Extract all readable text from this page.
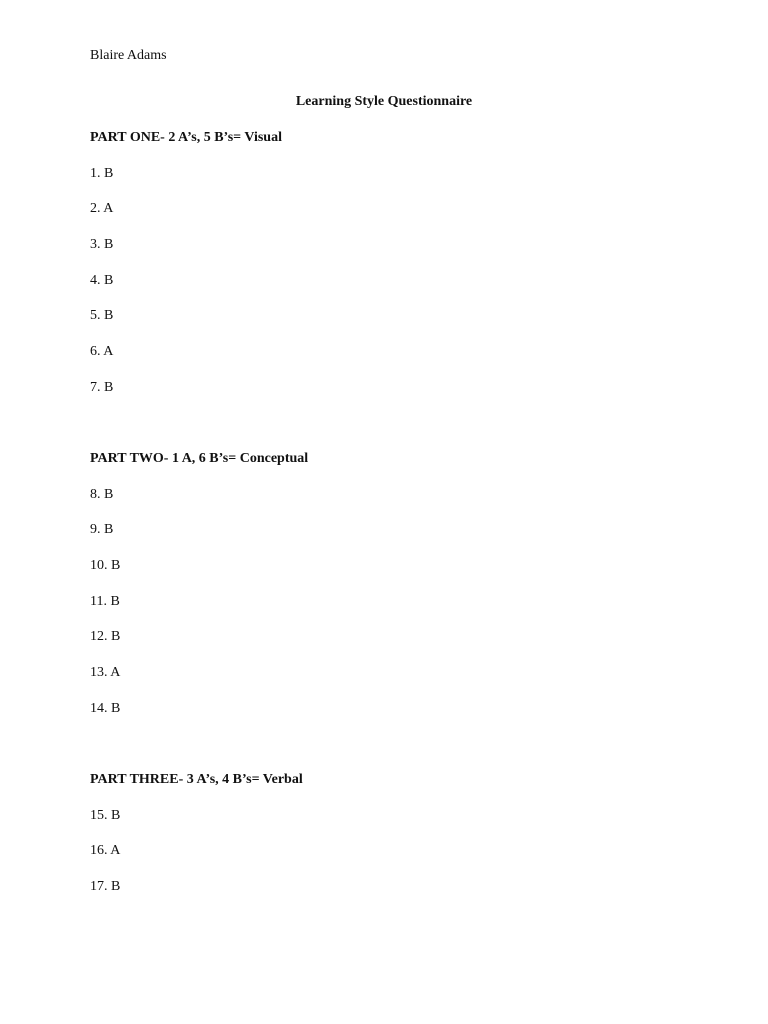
Blaire Adams
Learning Style Questionnaire
PART ONE- 2 A’s, 5 B’s= Visual
1. B
2. A
3. B
4. B
5. B
6. A
7. B
PART TWO- 1 A, 6 B’s= Conceptual
8. B
9. B
10. B
11. B
12. B
13. A
14. B
PART THREE- 3 A’s, 4 B’s= Verbal
15. B
16. A
17. B
